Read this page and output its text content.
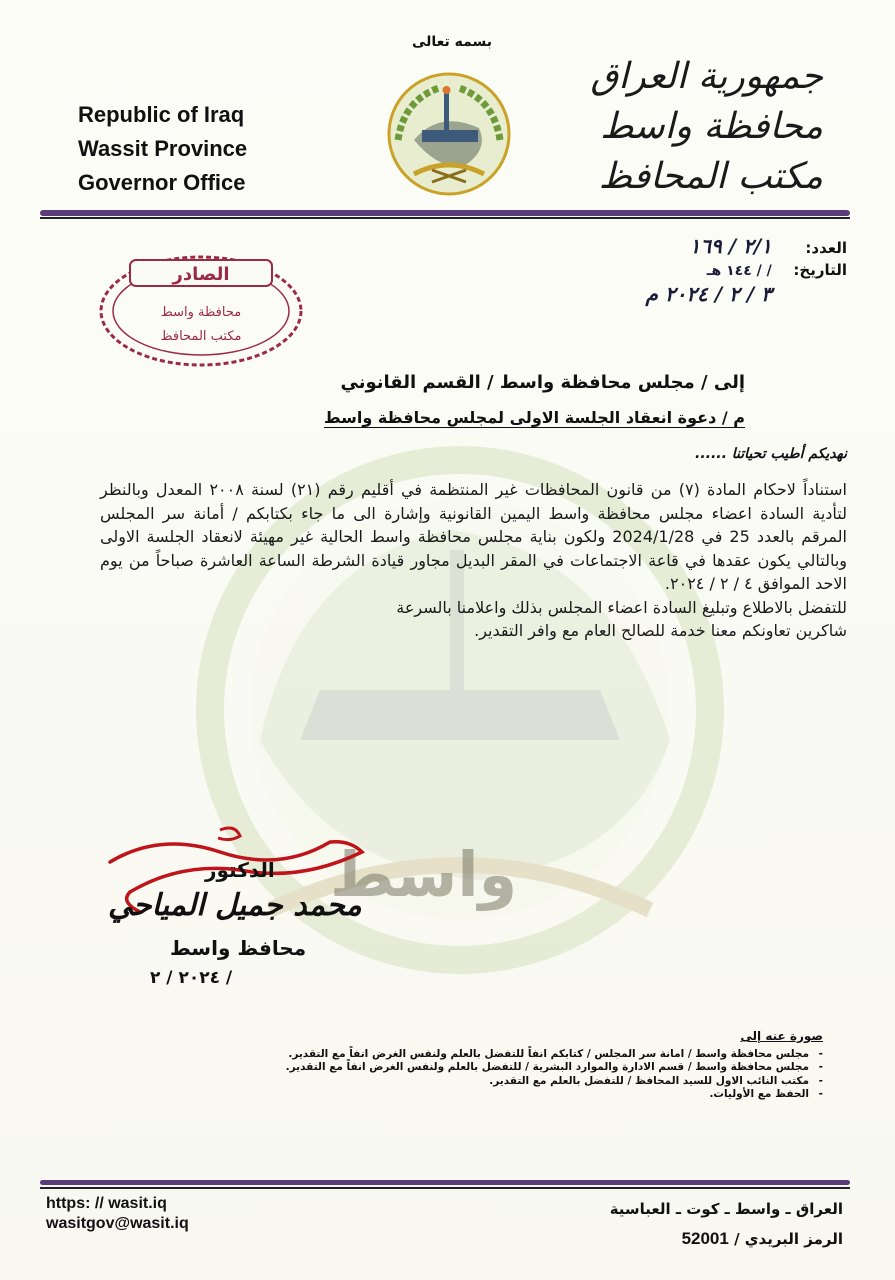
واسط
بسمه تعالى
Republic of Iraq
Wassit Province
Governor Office
جمهورية العراق
محافظة واسط
مكتب المحافظ
العدد: ٢/١ / ١٦٩
التاريخ: / / ١٤٤ هـ
٣ / ٢ / ٢٠٢٤ م
الصادر
محافظة واسط
مكتب المحافظ
إلى / مجلس محافظة واسط / القسم القانوني
م / دعوة انعقاد الجلسة الاولى لمجلس محافظة واسط
نهديكم أطيب تحياتنا ......

استناداً لاحكام المادة (٧) من قانون المحافظات غير المنتظمة في أقليم رقم (٢١) لسنة ٢٠٠٨ المعدل وبالنظر لتأدية السادة اعضاء مجلس محافظة واسط اليمين القانونية وإشارة الى ما جاء بكتابكم / أمانة سر المجلس المرقم بالعدد 25 في 2024/1/28 ولكون بناية مجلس محافظة واسط الحالية غير مهيئة لانعقاد الجلسة الاولى وبالتالي يكون عقدها في قاعة الاجتماعات في المقر البديل مجاور قيادة الشرطة الساعة العاشرة صباحاً من يوم الاحد الموافق ٤ / ٢ / ٢٠٢٤.

للتفضل بالاطلاع وتبليغ السادة اعضاء المجلس بذلك واعلامنا بالسرعة

شاكرين تعاونكم معنا خدمة للصالح العام مع وافر التقدير.

الدكتور
محمد جميل المياحي
محافظ واسط
٢٠٢٤ / ٢ /
صورة عنه إلى
- مجلس محافظة واسط / امانة سر المجلس / كتابكم انفاً للتفضل بالعلم ولنفس الغرض انفاً مع التقدير.
- مجلس محافظة واسط / قسم الادارة والموارد البشرية / للتفضل بالعلم ولنفس الغرض انفاً مع التقدير.
- مكتب النائب الاول للسيد المحافظ / للتفضل بالعلم مع التقدير.
- الحفظ مع الأوليات.
https: // wasit.iq
wasitgov@wasit.iq
العراق ـ واسط ـ كوت ـ العباسية
الرمز البريدي / 52001
